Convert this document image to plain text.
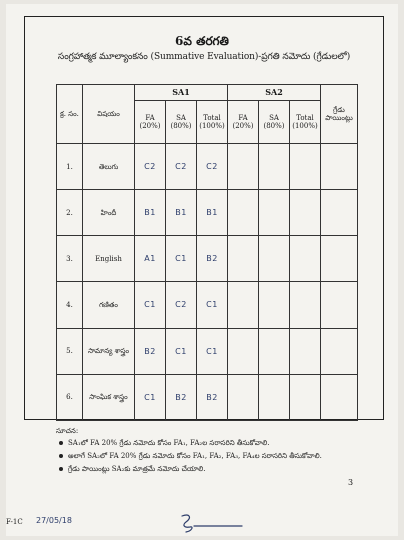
6వ తరగతి
సంగ్రహాత్మక మూల్యాంకనం (Summative Evaluation)-ప్రగతి నమోదు (గ్రేడులలో)
క్ర. సం.	విషయం	SA1			SA2			గ్రేడు పాయింట్లు
		FA (20%)	SA (80%)	Total (100%)	FA (20%)	SA (80%)	Total (100%)	
1.	తెలుగు	C2	C2	C2				
2.	హిందీ	B1	B1	B1				
3.	English	A1	C1	B2				
4.	గణితం	C1	C2	C1				
5.	సామాన్య శాస్త్రం	B2	C1	C1				
6.	సాంఘిక శాస్త్రం	C1	B2	B2				
సూచన:
SA₁లో FA 20% గ్రేడు నమోదు కోసం FA₁, FA₂ల సరాసరిని తీసుకోవాలి.
అలాగే SA₂లో FA 20% గ్రేడు నమోదు కోసం FA₁, FA₂, FA₃, FA₄ల సరాసరిని తీసుకోవాలి.
గ్రేడు పాయింట్లు SA₂కు మాత్రమే నమోదు చేయాలి.
3
F-1C 27/05/18
